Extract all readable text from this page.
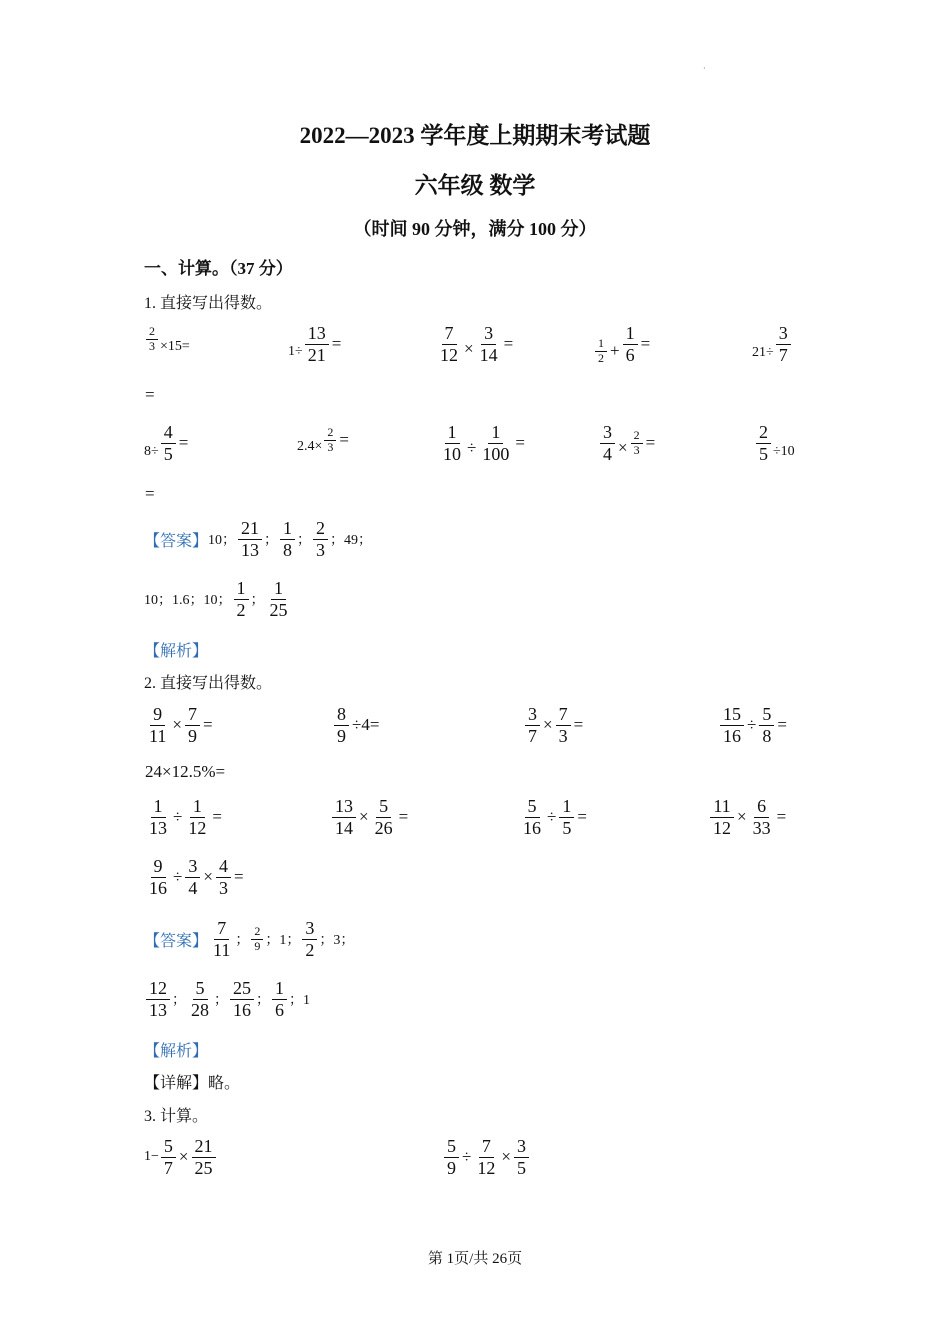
·
2022—2023 学年度上期期末考试题
六年级 数学
（时间 90 分钟，满分 100 分）
一、计算。（37 分）
1. 直接写出得数。
$\frac{2}{3} \times 15=$	$1\div \frac{13}{21}$ =	$\frac{7}{12} \times \frac{3}{14}$ =	$\frac{1}{2} + \frac{1}{6}$ =	$21\div \frac{3}{7}$
=
$8\div \frac{4}{5}$ =	$2.4\times \frac{2}{3}$ =	$\frac{1}{10} \div \frac{1}{100}$ =	$\frac{3}{4} \times \frac{2}{3}$ =	$\frac{2}{5} \div 10$
=
【答案】 10； $\frac{21}{13}$ ； $\frac{1}{8}$ ； $\frac{2}{3}$ ；49；
10；1.6；10； $\frac{1}{2}$ ； $\frac{1}{25}$
【解析】
2. 直接写出得数。
$\frac{9}{11} \times \frac{7}{9}$ =	$\frac{8}{9} \div 4=$	$\frac{3}{7} \times \frac{7}{3}$ =	$\frac{15}{16} \div \frac{5}{8}$ =
24×12.5%=
$\frac{1}{13} \div \frac{1}{12}$ =	$\frac{13}{14} \times \frac{5}{26}$ =	$\frac{5}{16} \div \frac{1}{5}$ =	$\frac{11}{12} \times \frac{6}{33}$ =
$\frac{9}{16} \div \frac{3}{4} \times \frac{4}{3}$ =
【答案】 $\frac{7}{11}$ ； $\frac{2}{9}$ ；1； $\frac{3}{2}$ ；3；
$\frac{12}{13}$ ； $\frac{5}{28}$ ； $\frac{25}{16}$ ； $\frac{1}{6}$ ；1
【解析】
【详解】略。
3. 计算。
$1- \frac{5}{7} \times \frac{21}{25}$	$\frac{5}{9} \div \frac{7}{12} \times \frac{3}{5}$
第 1页/共 26页
